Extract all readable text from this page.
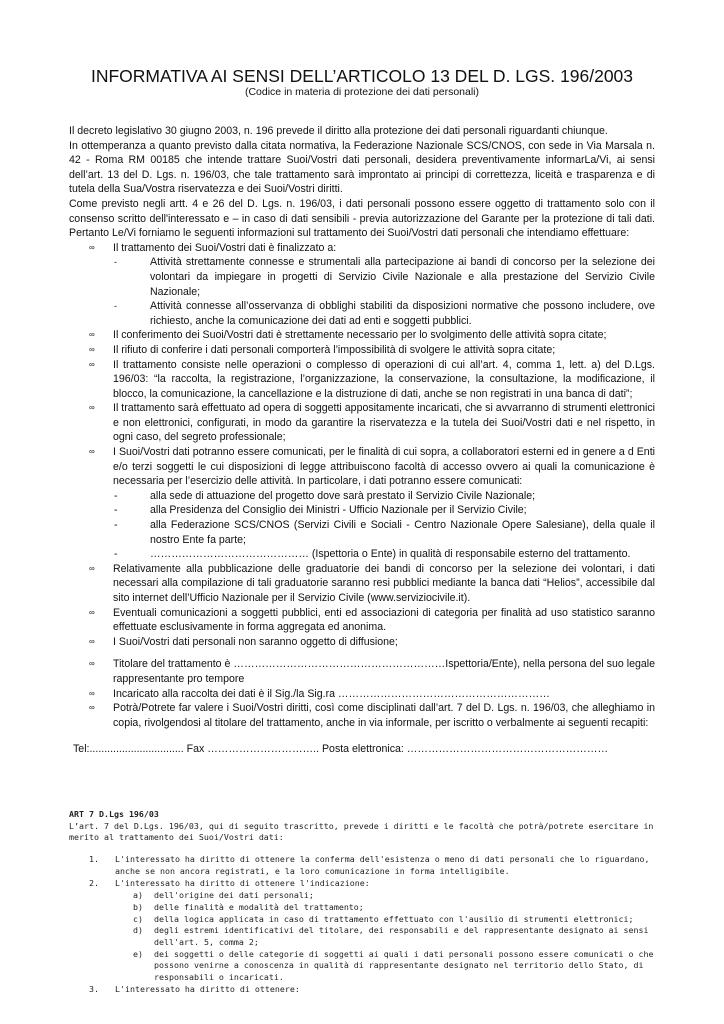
INFORMATIVA AI SENSI DELL’ARTICOLO 13 DEL D. LGS. 196/2003
(Codice in materia di protezione dei dati personali)

Il decreto legislativo 30 giugno 2003, n. 196 prevede il diritto alla protezione dei dati personali riguardanti chiunque.

In ottemperanza a quanto previsto dalla citata normativa, la Federazione Nazionale SCS/CNOS, con sede in Via Marsala n. 42 - Roma RM 00185 che intende trattare Suoi/Vostri dati personali, desidera preventivamente informarLa/Vi, ai sensi dell’art. 13 del D. Lgs. n. 196/03, che tale trattamento sarà improntato ai principi di correttezza, liceità e trasparenza e di tutela della Sua/Vostra riservatezza e dei Suoi/Vostri diritti.

Come previsto negli artt. 4 e 26 del D. Lgs. n. 196/03, i dati personali possono essere oggetto di trattamento solo con il consenso scritto dell'interessato e – in caso di dati sensibili - previa autorizzazione del Garante per la protezione di tali dati. Pertanto Le/Vi forniamo le seguenti informazioni sul trattamento dei Suoi/Vostri dati personali che intendiamo effettuare:

∞ Il trattamento dei Suoi/Vostri dati è finalizzato a:

-	Attività strettamente connesse e strumentali alla partecipazione ai bandi di concorso per la selezione dei volontari da impiegare in progetti di Servizio Civile Nazionale e alla prestazione del Servizio Civile Nazionale;

-	Attività connesse all’osservanza di obblighi stabiliti da disposizioni normative che possono includere, ove richiesto, anche la comunicazione dei dati ad enti e soggetti pubblici.

∞ Il conferimento dei Suoi/Vostri dati è strettamente necessario per lo svolgimento delle attività sopra citate;

∞ Il rifiuto di conferire i dati personali comporterà l’impossibilità di svolgere le attività sopra citate;

∞ Il trattamento consiste nelle operazioni o complesso di operazioni di cui all’art. 4, comma 1, lett. a) del D.Lgs. 196/03: “la raccolta, la registrazione, l’organizzazione, la conservazione, la consultazione, la modificazione, il blocco, la comunicazione, la cancellazione e la distruzione di dati, anche se non registrati in una banca di dati”;

∞ Il trattamento sarà effettuato ad opera di soggetti appositamente incaricati, che si avvarranno di strumenti elettronici e non elettronici, configurati, in modo da garantire la riservatezza e la tutela dei Suoi/Vostri dati e nel rispetto, in ogni caso, del segreto professionale;

∞ I Suoi/Vostri dati potranno essere comunicati, per le finalità di cui sopra, a collaboratori esterni ed in genere a d Enti e/o terzi soggetti le cui disposizioni di legge attribuiscono facoltà di accesso ovvero ai quali la comunicazione è necessaria per l’esercizio delle attività. In particolare, i dati potranno essere comunicati:

-	alla sede di attuazione del progetto dove sarà prestato il Servizio Civile Nazionale;

-	alla Presidenza del Consiglio dei Ministri - Ufficio Nazionale per il Servizio Civile;

-	alla Federazione SCS/CNOS (Servizi Civili e Sociali - Centro Nazionale Opere Salesiane), della quale il nostro Ente fa parte;

-	……………………………………… (Ispettoria o Ente) in qualità di responsabile esterno del trattamento.

∞ Relativamente alla pubblicazione delle graduatorie dei bandi di concorso per la selezione dei volontari, i dati necessari alla compilazione di tali graduatorie saranno resi pubblici mediante la banca dati “Helios”, accessibile dal sito internet dell’Ufficio Nazionale per il Servizio Civile (www.serviziocivile.it).

∞ Eventuali comunicazioni a soggetti pubblici, enti ed associazioni di categoria per finalità ad uso statistico saranno effettuate esclusivamente in forma aggregata ed anonima.

∞ I Suoi/Vostri dati personali non saranno oggetto di diffusione;

∞ Titolare del trattamento è ……………………………………………………Ispettoria/Ente), nella persona del suo legale rappresentante pro tempore

∞ Incaricato alla raccolta dei dati è il Sig./la Sig.ra ……………………………………………………

∞ Potrà/Potrete far valere i Suoi/Vostri diritti, così come disciplinati dall’art. 7 del D. Lgs. n. 196/03, che alleghiamo in copia, rivolgendosi al titolare del trattamento, anche in via informale, per iscritto o verbalmente ai seguenti recapiti:

Tel:................................ Fax ………………………….. Posta elettronica: …………………………………………………

ART 7 D.Lgs 196/03

L’art. 7 del D.Lgs. 196/03, qui di seguito trascritto, prevede i diritti e le facoltà che potrà/potrete esercitare in merito al trattamento dei Suoi/Vostri dati:

1. L'interessato ha diritto di ottenere la conferma dell'esistenza o meno di dati personali che lo riguardano, anche se non ancora registrati, e la loro comunicazione in forma intelligibile.

2. L'interessato ha diritto di ottenere l'indicazione:

a) dell'origine dei dati personali;

b) delle finalità e modalità del trattamento;

c) della logica applicata in caso di trattamento effettuato con l'ausilio di strumenti elettronici;

d) degli estremi identificativi del titolare, dei responsabili e del rappresentante designato ai sensi dell'art. 5, comma 2;

e) dei soggetti o delle categorie di soggetti ai quali i dati personali possono essere comunicati o che possono venirne a conoscenza in qualità di rappresentante designato nel territorio dello Stato, di responsabili o incaricati.

3. L'interessato ha diritto di ottenere:
